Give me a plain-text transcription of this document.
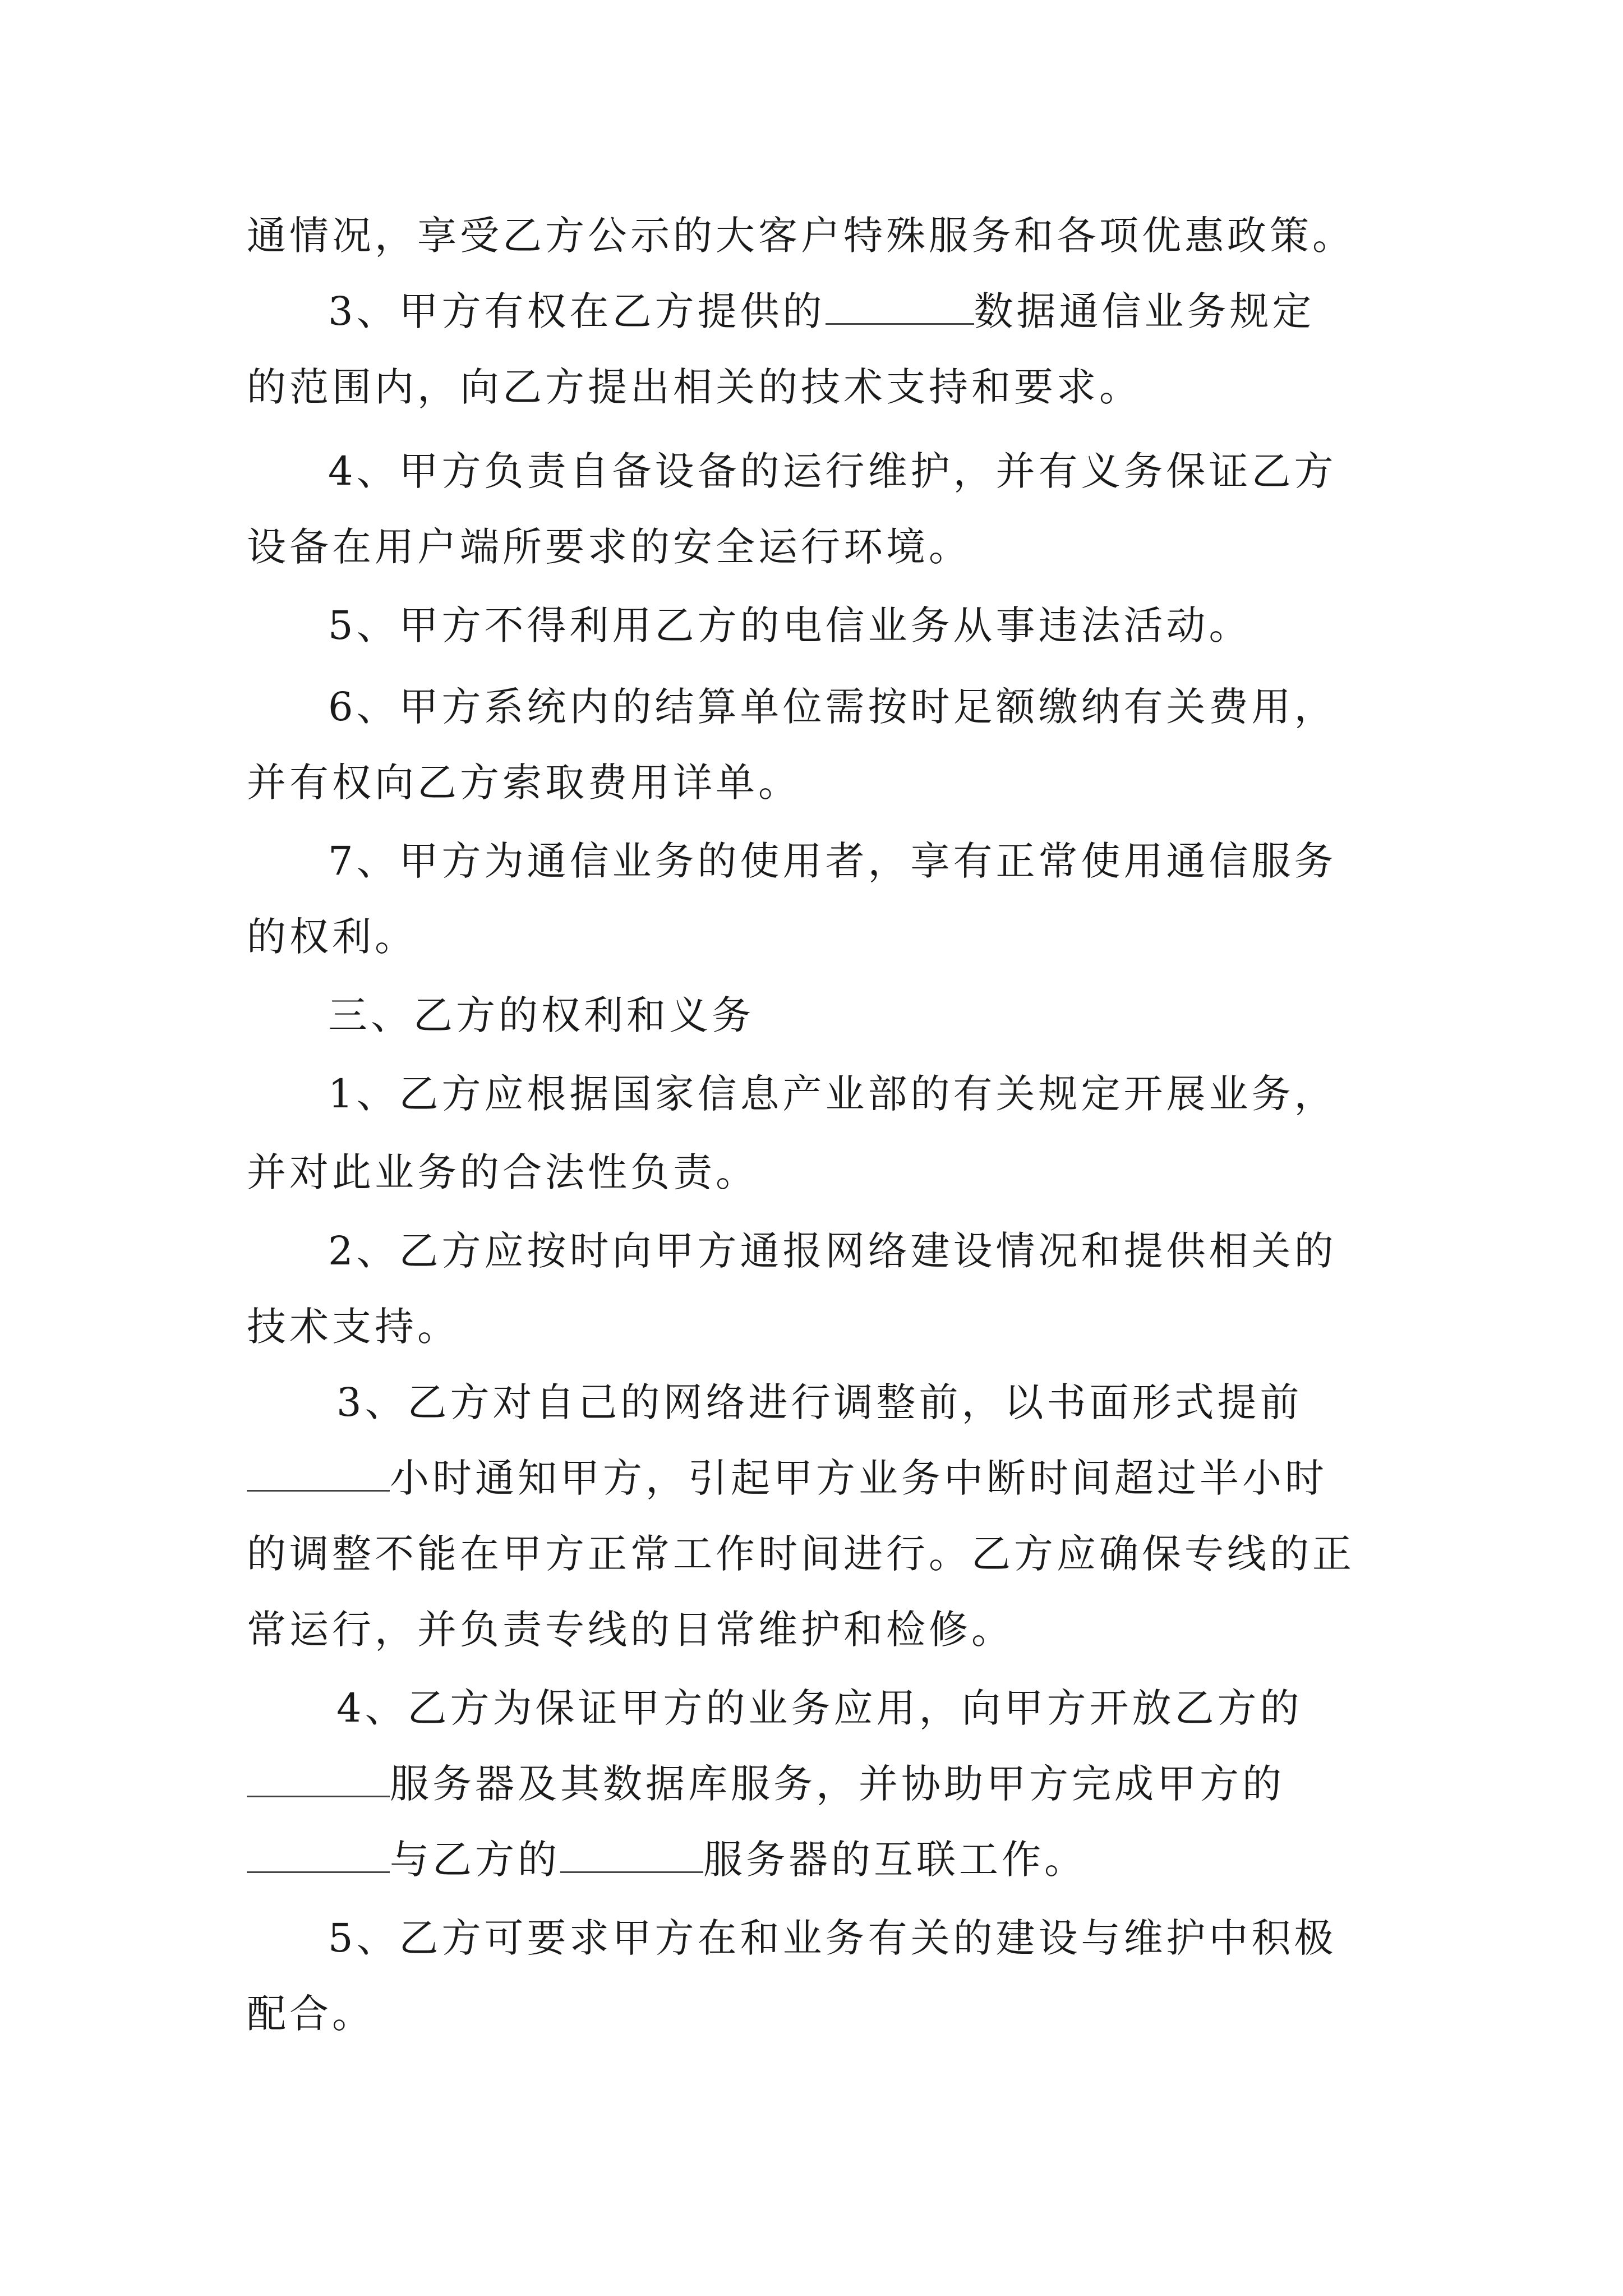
通情况，享受乙方公示的大客户特殊服务和各项优惠政策。
3、甲方有权在乙方提供的	数据通信业务规定
的范围内，向乙方提出相关的技术支持和要求。
4、甲方负责自备设备的运行维护，并有义务保证乙方
设备在用户端所要求的安全运行环境。
5、甲方不得利用乙方的电信业务从事违法活动。
6、甲方系统内的结算单位需按时足额缴纳有关费用，
并有权向乙方索取费用详单。
7、甲方为通信业务的使用者，享有正常使用通信服务
的权利。
三、乙方的权利和义务
1、乙方应根据国家信息产业部的有关规定开展业务，
并对此业务的合法性负责。
2、乙方应按时向甲方通报网络建设情况和提供相关的
技术支持。
3、乙方对自己的网络进行调整前，以书面形式提前
小时通知甲方，引起甲方业务中断时间超过半小时
的调整不能在甲方正常工作时间进行。乙方应确保专线的正
常运行，并负责专线的日常维护和检修。
4、乙方为保证甲方的业务应用，向甲方开放乙方的
服务器及其数据库服务，并协助甲方完成甲方的
与乙方的	服务器的互联工作。
5、乙方可要求甲方在和业务有关的建设与维护中积极
配合。
